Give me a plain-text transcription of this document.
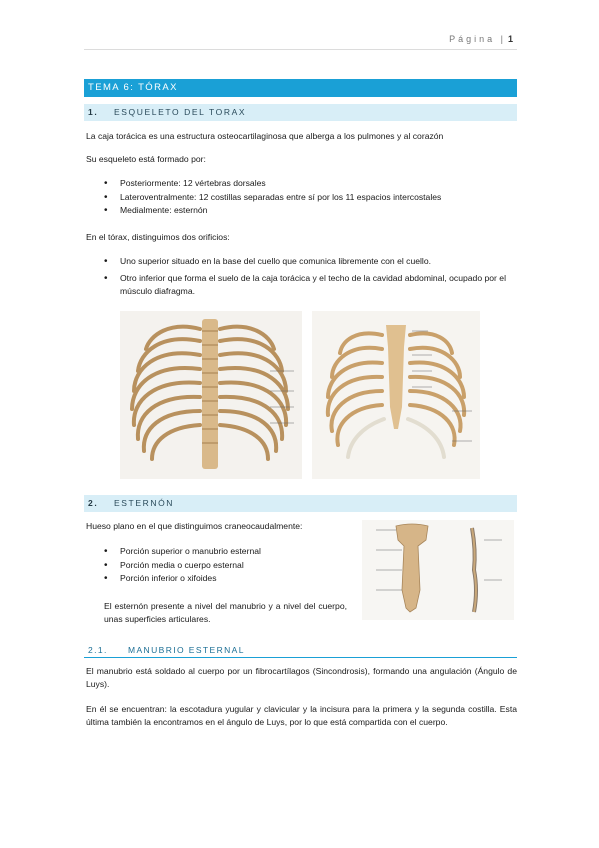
Página | 1
TEMA 6: TÓRAX
1. ESQUELETO DEL TORAX
La caja torácica es una estructura osteocartilaginosa que alberga a los pulmones y al corazón
Su esqueleto está formado por:
• Posteriormente: 12 vértebras dorsales
• Lateroventralmente: 12 costillas separadas entre sí por los 11 espacios intercostales
• Medialmente: esternón
En el tórax, distinguimos dos orificios:
• Uno superior situado en la base del cuello que comunica libremente con el cuello.
• Otro inferior que forma el suelo de la caja torácica y el techo de la cavidad abdominal, ocupado por el músculo diafragma.
2. ESTERNÓN
Hueso plano en el que distinguimos craneocaudalmente:
• Porción superior o manubrio esternal
• Porción media o cuerpo esternal
• Porción inferior o xifoides
El esternón presente a nivel del manubrio y a nivel del cuerpo, unas superficies articulares.
2.1. MANUBRIO ESTERNAL
El manubrio está soldado al cuerpo por un fibrocartílagos (Sincondrosis), formando una angulación (Ángulo de Luys).
En él se encuentran: la escotadura yugular y clavicular y la incisura para la primera y la segunda costilla. Esta última también la encontramos en el ángulo de Luys, por lo que está compartida con el cuerpo.
